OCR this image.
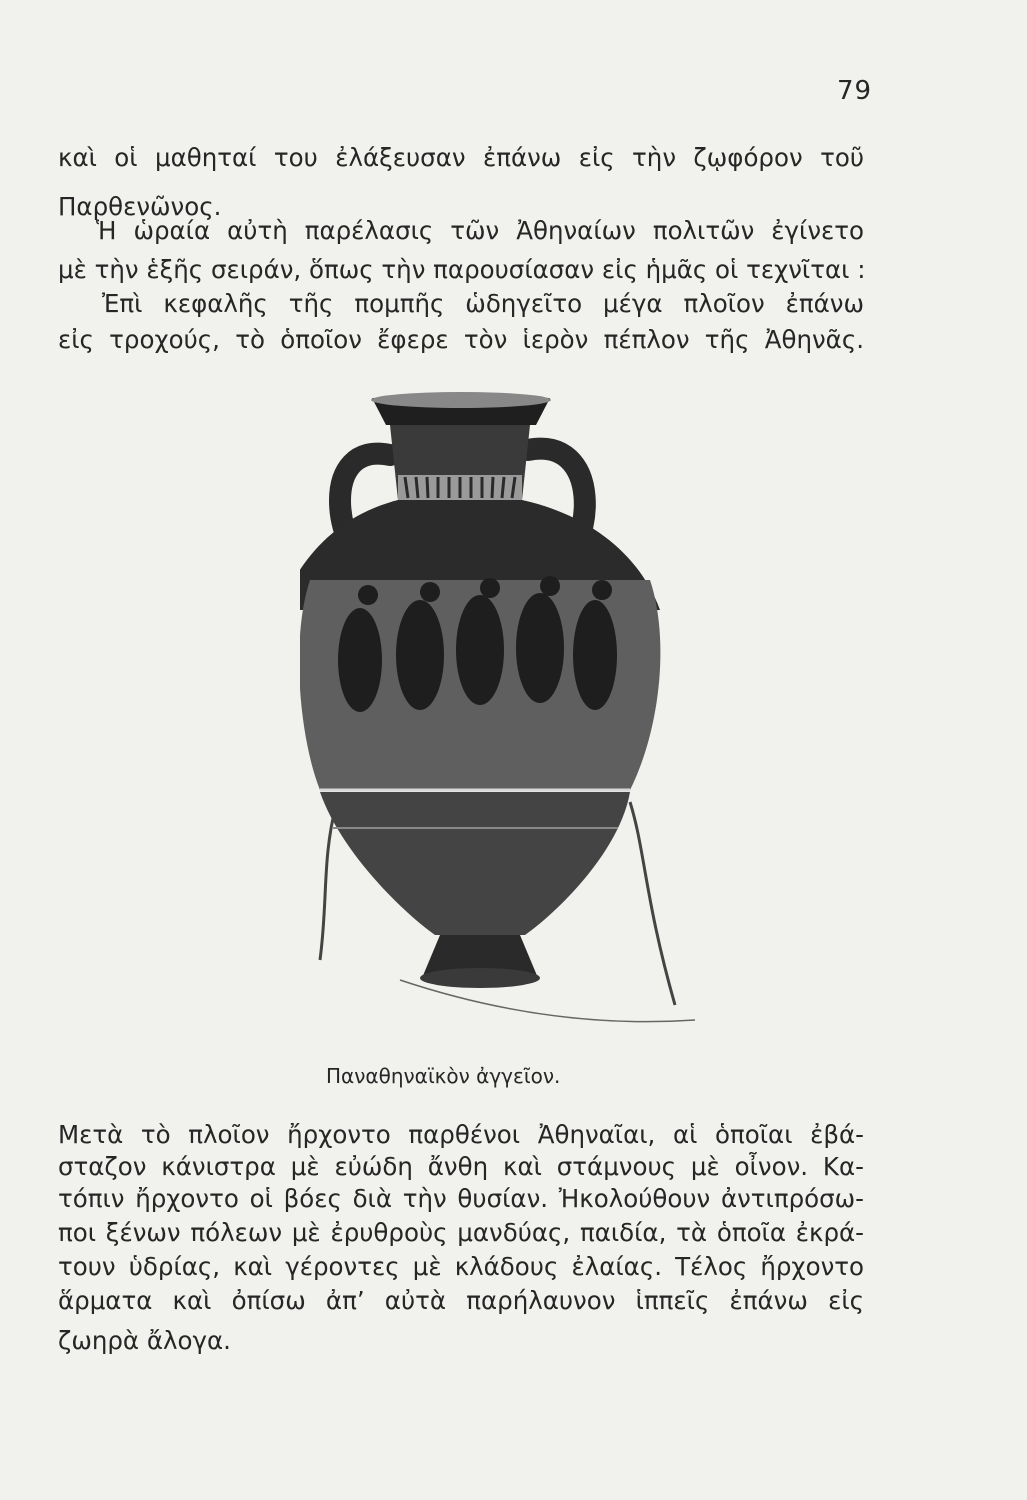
79
καὶ οἱ μαθηταί του ἐλάξευσαν ἐπάνω εἰς τὴν ζῳφόρον τοῦ
Παρθενῶνος.
Ἡ ὡραία αὐτὴ παρέλασις τῶν Ἀθηναίων πολιτῶν ἐγίνετο
μὲ τὴν ἑξῆς σειράν, ὅπως τὴν παρουσίασαν εἰς ἡμᾶς οἱ τεχνῖται :
Ἐπὶ κεφαλῆς τῆς πομπῆς ὡδηγεῖτο μέγα πλοῖον ἐπάνω
εἰς τροχούς, τὸ ὁποῖον ἔφερε τὸν ἱερὸν πέπλον τῆς Ἀθηνᾶς.
Παναθηναϊκὸν ἀγγεῖον.
Μετὰ τὸ πλοῖον ἤρχοντο παρθένοι Ἀθηναῖαι, αἱ ὁποῖαι ἐβά-
σταζον κάνιστρα μὲ εὐώδη ἄνθη καὶ στάμνους μὲ οἶνον. Κα-
τόπιν ἤρχοντο οἱ βόες διὰ τὴν θυσίαν. Ἠκολούθουν ἀντιπρόσω-
ποι ξένων πόλεων μὲ ἐρυθροὺς μανδύας, παιδία, τὰ ὁποῖα ἐκρά-
τουν ὑδρίας, καὶ γέροντες μὲ κλάδους ἐλαίας. Τέλος ἤρχοντο
ἅρματα καὶ ὀπίσω ἀπ’ αὐτὰ παρήλαυνον ἱππεῖς ἐπάνω εἰς
ζωηρὰ ἄλογα.
